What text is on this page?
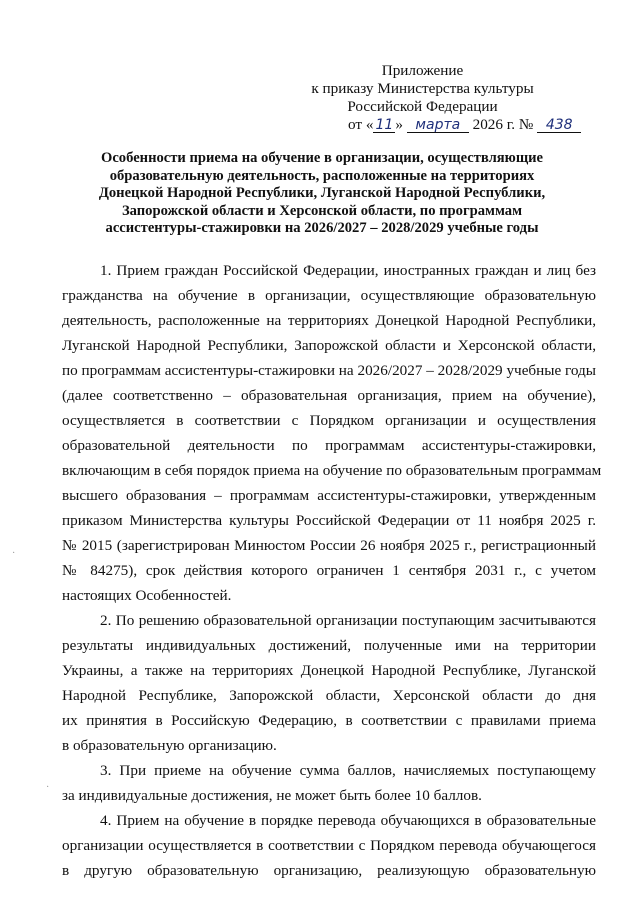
Приложение
к приказу Министерства культуры
Российской Федерации
от « 11 » марта 2026 г. № 438
Особенности приема на обучение в организации, осуществляющие
образовательную деятельность, расположенные на территориях
Донецкой Народной Республики, Луганской Народной Республики,
Запорожской области и Херсонской области, по программам
ассистентуры-стажировки на 2026/2027 – 2028/2029 учебные годы
1. Прием граждан Российской Федерации, иностранных граждан и лиц без
гражданства на обучение в организации, осуществляющие образовательную
деятельность, расположенные на территориях Донецкой Народной Республики,
Луганской Народной Республики, Запорожской области и Херсонской области,
по программам ассистентуры-стажировки на 2026/2027 – 2028/2029 учебные годы
(далее соответственно – образовательная организация, прием на обучение),
осуществляется в соответствии с Порядком организации и осуществления
образовательной деятельности по программам ассистентуры-стажировки,
включающим в себя порядок приема на обучение по образовательным программам
высшего образования – программам ассистентуры-стажировки, утвержденным
приказом Министерства культуры Российской Федерации от 11 ноября 2025 г.
№ 2015 (зарегистрирован Минюстом России 26 ноября 2025 г., регистрационный
№ 84275), срок действия которого ограничен 1 сентября 2031 г., с учетом
настоящих Особенностей.
2. По решению образовательной организации поступающим засчитываются
результаты индивидуальных достижений, полученные ими на территории
Украины, а также на территориях Донецкой Народной Республике, Луганской
Народной Республике, Запорожской области, Херсонской области до дня
их принятия в Российскую Федерацию, в соответствии с правилами приема
в образовательную организацию.
3. При приеме на обучение сумма баллов, начисляемых поступающему
за индивидуальные достижения, не может быть более 10 баллов.
4. Прием на обучение в порядке перевода обучающихся в образовательные
организации осуществляется в соответствии с Порядком перевода обучающегося
в другую образовательную организацию, реализующую образовательную
·
·
